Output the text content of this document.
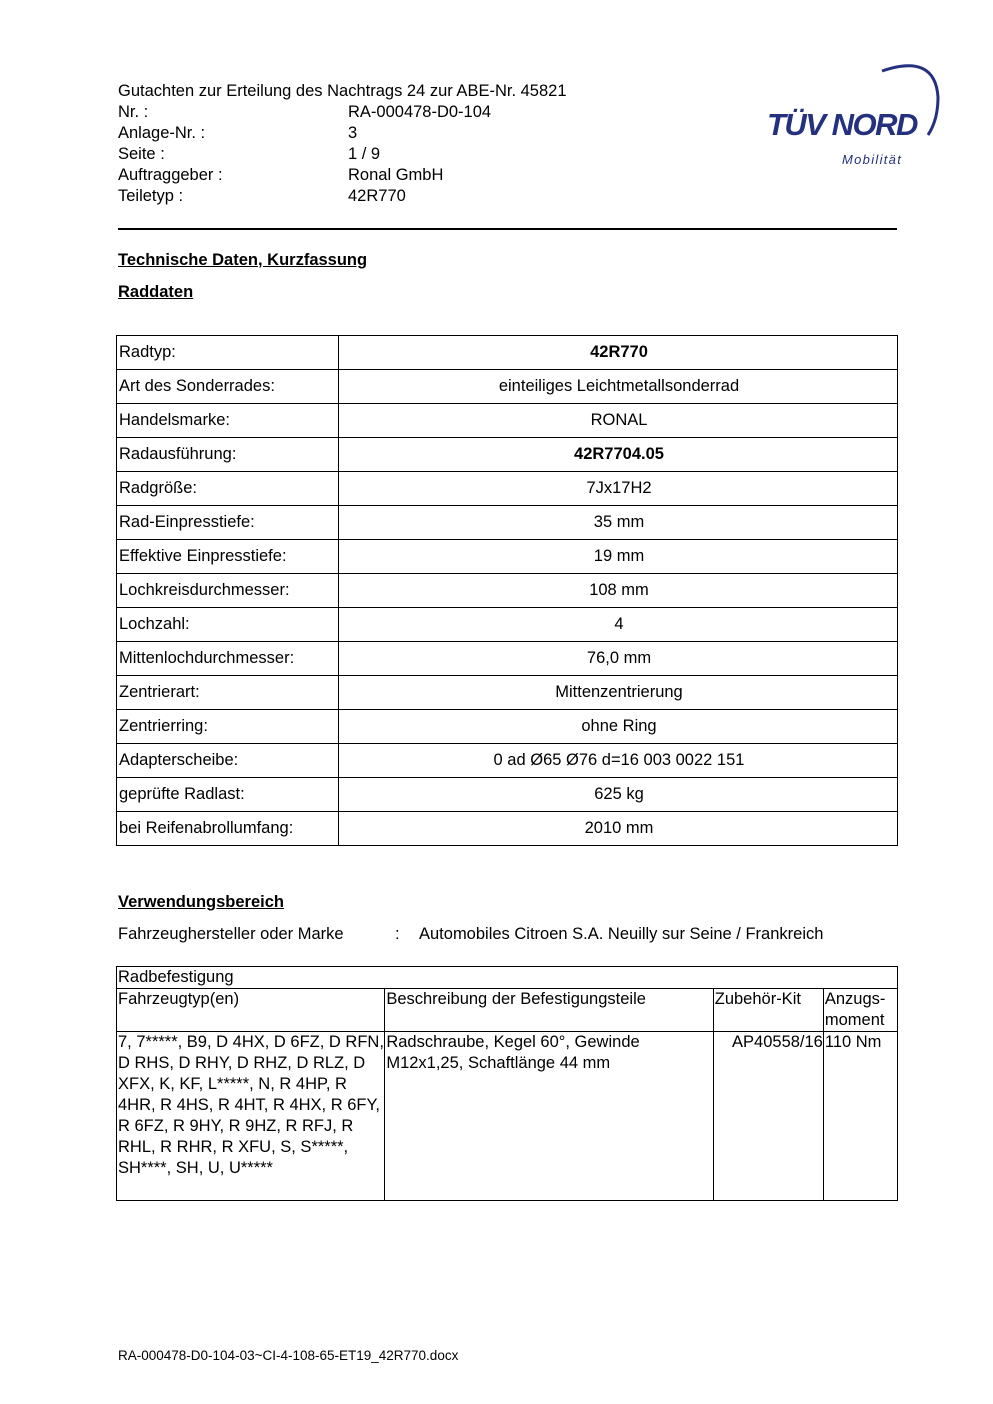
Gutachten zur Erteilung des Nachtrags 24 zur ABE-Nr. 45821
Nr. :	RA-000478-D0-104
Anlage-Nr. :	3
Seite :	1 / 9
Auftraggeber :	Ronal GmbH
Teiletyp :	42R770
TÜV NORD
Mobilität
Technische Daten, Kurzfassung
Raddaten
Radtyp:	42R770
Art des Sonderrades:	einteiliges Leichtmetallsonderrad
Handelsmarke:	RONAL
Radausführung:	42R7704.05
Radgröße:	7Jx17H2
Rad-Einpresstiefe:	35 mm
Effektive Einpresstiefe:	19 mm
Lochkreisdurchmesser:	108 mm
Lochzahl:	4
Mittenlochdurchmesser:	76,0 mm
Zentrierart:	Mittenzentrierung
Zentrierring:	ohne Ring
Adapterscheibe:	0 ad Ø65 Ø76 d=16 003 0022 151
geprüfte Radlast:	625 kg
bei Reifenabrollumfang:	2010 mm
Verwendungsbereich
Fahrzeughersteller oder Marke	:	Automobiles Citroen S.A. Neuilly sur Seine / Frankreich
Radbefestigung			
Fahrzeugtyp(en)	Beschreibung der Befestigungsteile	Zubehör-Kit	Anzugs-
moment
7, 7*****, B9, D 4HX, D 6FZ, D RFN, D RHS, D RHY, D RHZ, D RLZ, D XFX, K, KF, L*****, N, R 4HP, R 4HR, R 4HS, R 4HT, R 4HX, R 6FY, R 6FZ, R 9HY, R 9HZ, R RFJ, R RHL, R RHR, R XFU, S, S*****, SH****, SH, U, U*****	Radschraube, Kegel 60°, Gewinde M12x1,25, Schaftlänge 44 mm	AP40558/16	110 Nm
RA-000478-D0-104-03~CI-4-108-65-ET19_42R770.docx
